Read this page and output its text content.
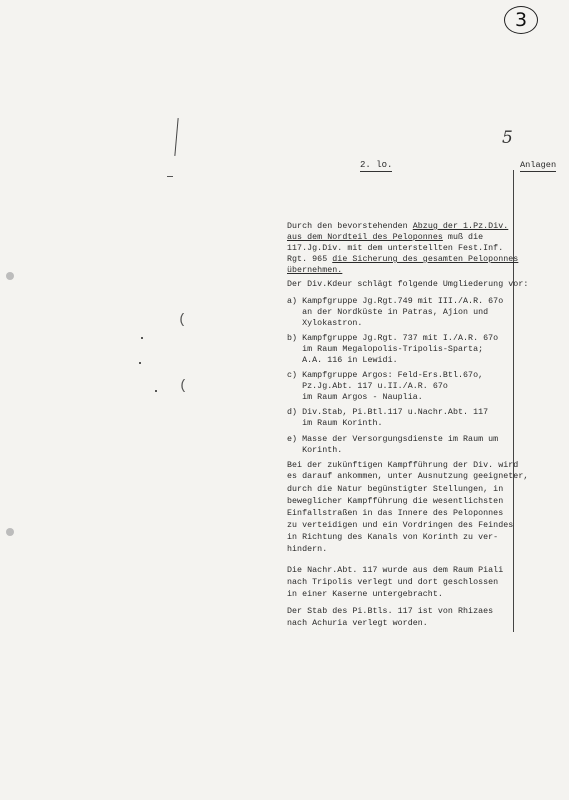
3
5
(
(
2. lo.	Anlagen
Durch den bevorstehenden Abzug der 1.Pz.Div.
aus dem Nordteil des Peloponnes muß die
117.Jg.Div. mit dem unterstellten Fest.Inf.
Rgt. 965 die Sicherung des gesamten Peloponnes
übernehmen.
Der Div.Kdeur schlägt folgende Umgliederung vor:
a) Kampfgruppe Jg.Rgt.749 mit III./A.R. 67o
an der Nordküste in Patras, Ajion und
Xylokastron.
b) Kampfgruppe Jg.Rgt. 737 mit I./A.R. 67o
im Raum Megalopolis-Tripolis-Sparta;
A.A. 116 in Lewidi.
c) Kampfgruppe Argos: Feld-Ers.Btl.67o,
Pz.Jg.Abt. 117 u.II./A.R. 67o
im Raum Argos - Nauplia.
d) Div.Stab, Pi.Btl.117 u.Nachr.Abt. 117
im Raum Korinth.
e) Masse der Versorgungsdienste im Raum um
Korinth.
Bei der zukünftigen Kampfführung der Div. wird
es darauf ankommen, unter Ausnutzung geeigneter,
durch die Natur begünstigter Stellungen, in
beweglicher Kampfführung die wesentlichsten
Einfallstraßen in das Innere des Peloponnes
zu verteidigen und ein Vordringen des Feindes
in Richtung des Kanals von Korinth zu ver-
hindern.
Die Nachr.Abt. 117 wurde aus dem Raum Piali
nach Tripolis verlegt und dort geschlossen
in einer Kaserne untergebracht.
Der Stab des Pi.Btls. 117 ist von Rhizaes
nach Achuria verlegt worden.
